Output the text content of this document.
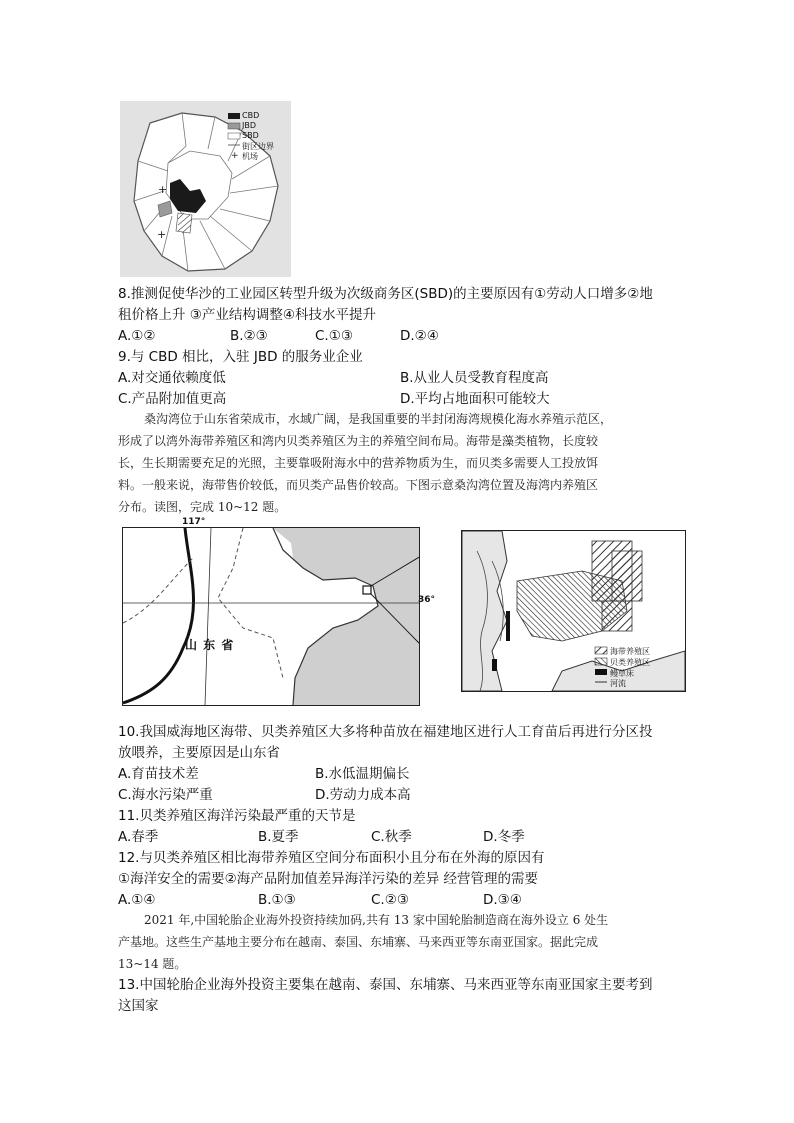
+
+
+
CBD
JBD
SBD
街区边界
机场
8.推测促使华沙的工业园区转型升级为次级商务区(SBD)的主要原因有①劳动人口增多②地
租价格上升 ③产业结构调整④科技水平提升
A.①②	B.②③	C.①③	D.②④
9.与 CBD 相比，入驻 JBD 的服务业企业
A.对交通依赖度低	B.从业人员受教育程度高
C.产品附加值更高	D.平均占地面积可能较大
桑沟湾位于山东省荣成市，水域广阔，是我国重要的半封闭海湾规模化海水养殖示范区，
形成了以湾外海带养殖区和湾内贝类养殖区为主的养殖空间布局。海带是藻类植物，长度较
长，生长期需要充足的光照，主要靠吸附海水中的营养物质为生，而贝类多需要人工投放饵
料。一般来说，海带售价较低，而贝类产品售价较高。下图示意桑沟湾位置及海湾内养殖区
分布。读图，完成 10~12 题。
117°
山 东 省
36°
海带养殖区
贝类养殖区
鳗草床
河流
10.我国威海地区海带、贝类养殖区大多将种苗放在福建地区进行人工育苗后再进行分区投
放喂养，主要原因是山东省
A.育苗技术差	B.水低温期偏长
C.海水污染严重	D.劳动力成本高
11.贝类养殖区海洋污染最严重的天节是
A.春季	B.夏季	C.秋季	D.冬季
12.与贝类养殖区相比海带养殖区空间分布面积小且分布在外海的原因有
①海洋安全的需要②海产品附加值差异海洋污染的差异 经营管理的需要
A.①④	B.①③	C.②③	D.③④
2021 年,中国轮胎企业海外投资持续加码,共有 13 家中国轮胎制造商在海外设立 6 处生
产基地。这些生产基地主要分布在越南、泰国、东埔寨、马来西亚等东南亚国家。据此完成
13~14 题。
13.中国轮胎企业海外投资主要集在越南、泰国、东埔寨、马来西亚等东南亚国家主要考到
这国家
